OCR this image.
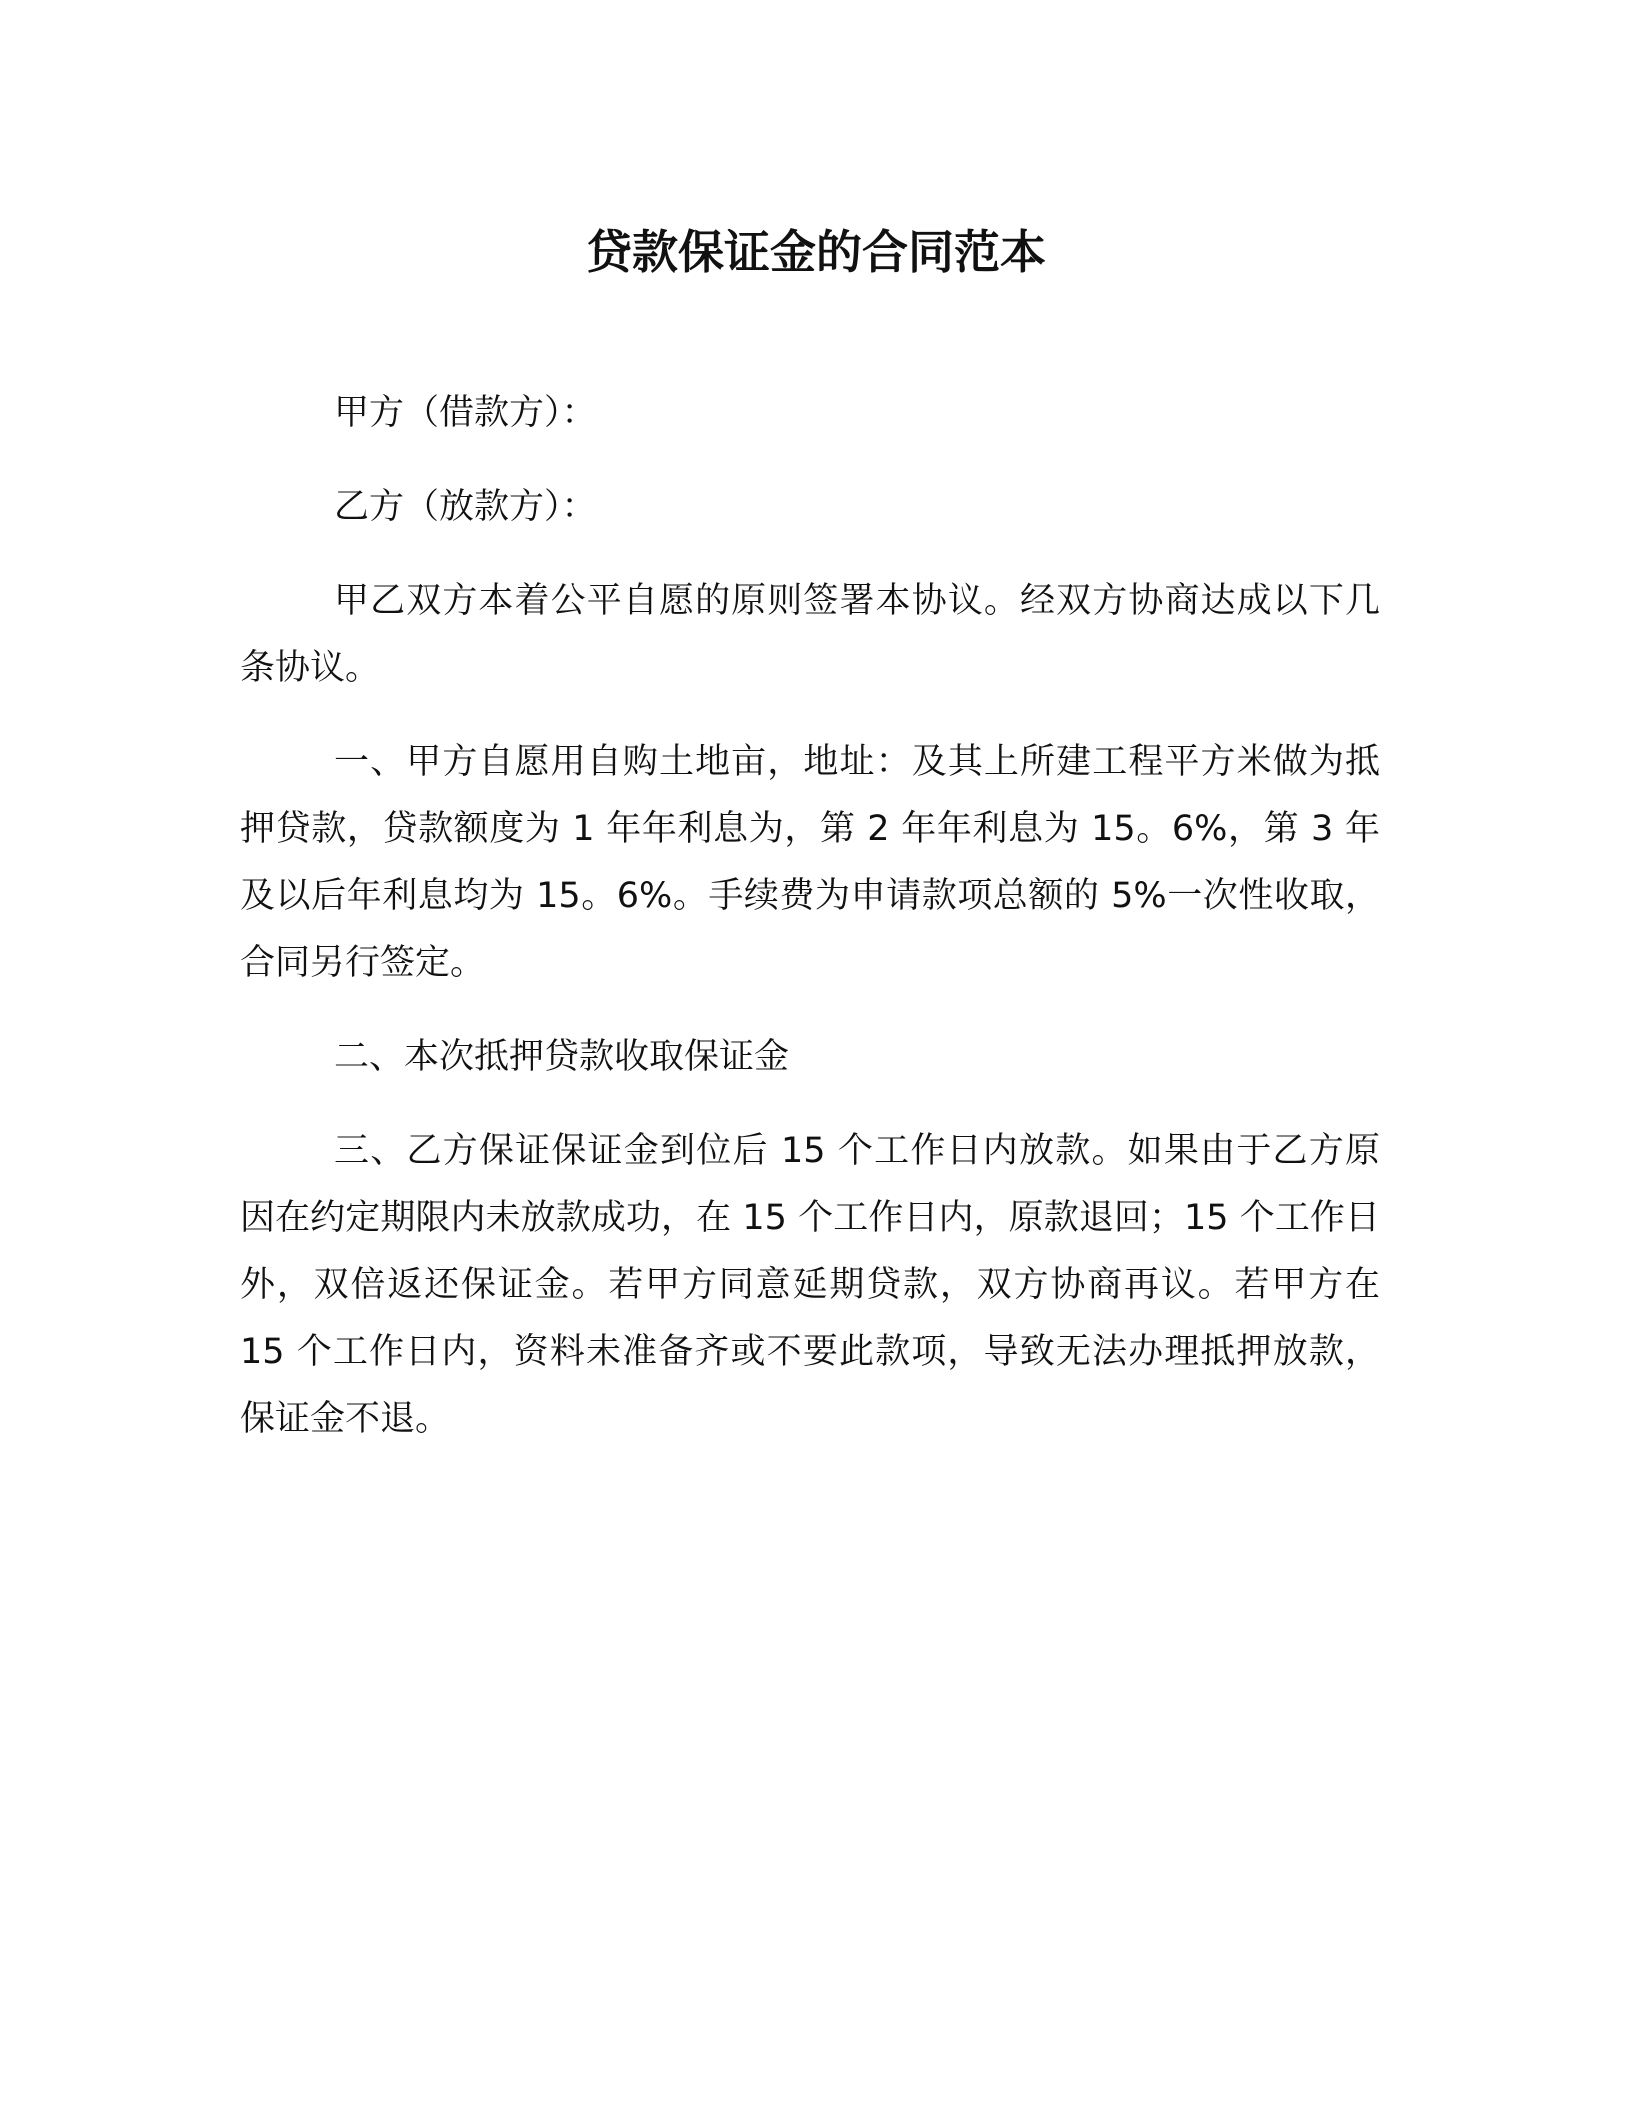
贷款保证金的合同范本

甲方（借款方）：

乙方（放款方）：

甲乙双方本着公平自愿的原则签署本协议。经双方协商达成以下几条协议。

一、甲方自愿用自购土地亩，地址：及其上所建工程平方米做为抵押贷款，贷款额度为 1 年年利息为，第 2 年年利息为 15。6%，第 3 年及以后年利息均为 15。6%。手续费为申请款项总额的 5%一次性收取，合同另行签定。

二、本次抵押贷款收取保证金

三、乙方保证保证金到位后 15 个工作日内放款。如果由于乙方原因在约定期限内未放款成功，在 15 个工作日内，原款退回；15 个工作日外，双倍返还保证金。若甲方同意延期贷款，双方协商再议。若甲方在 15 个工作日内，资料未准备齐或不要此款项，导致无法办理抵押放款，保证金不退。
